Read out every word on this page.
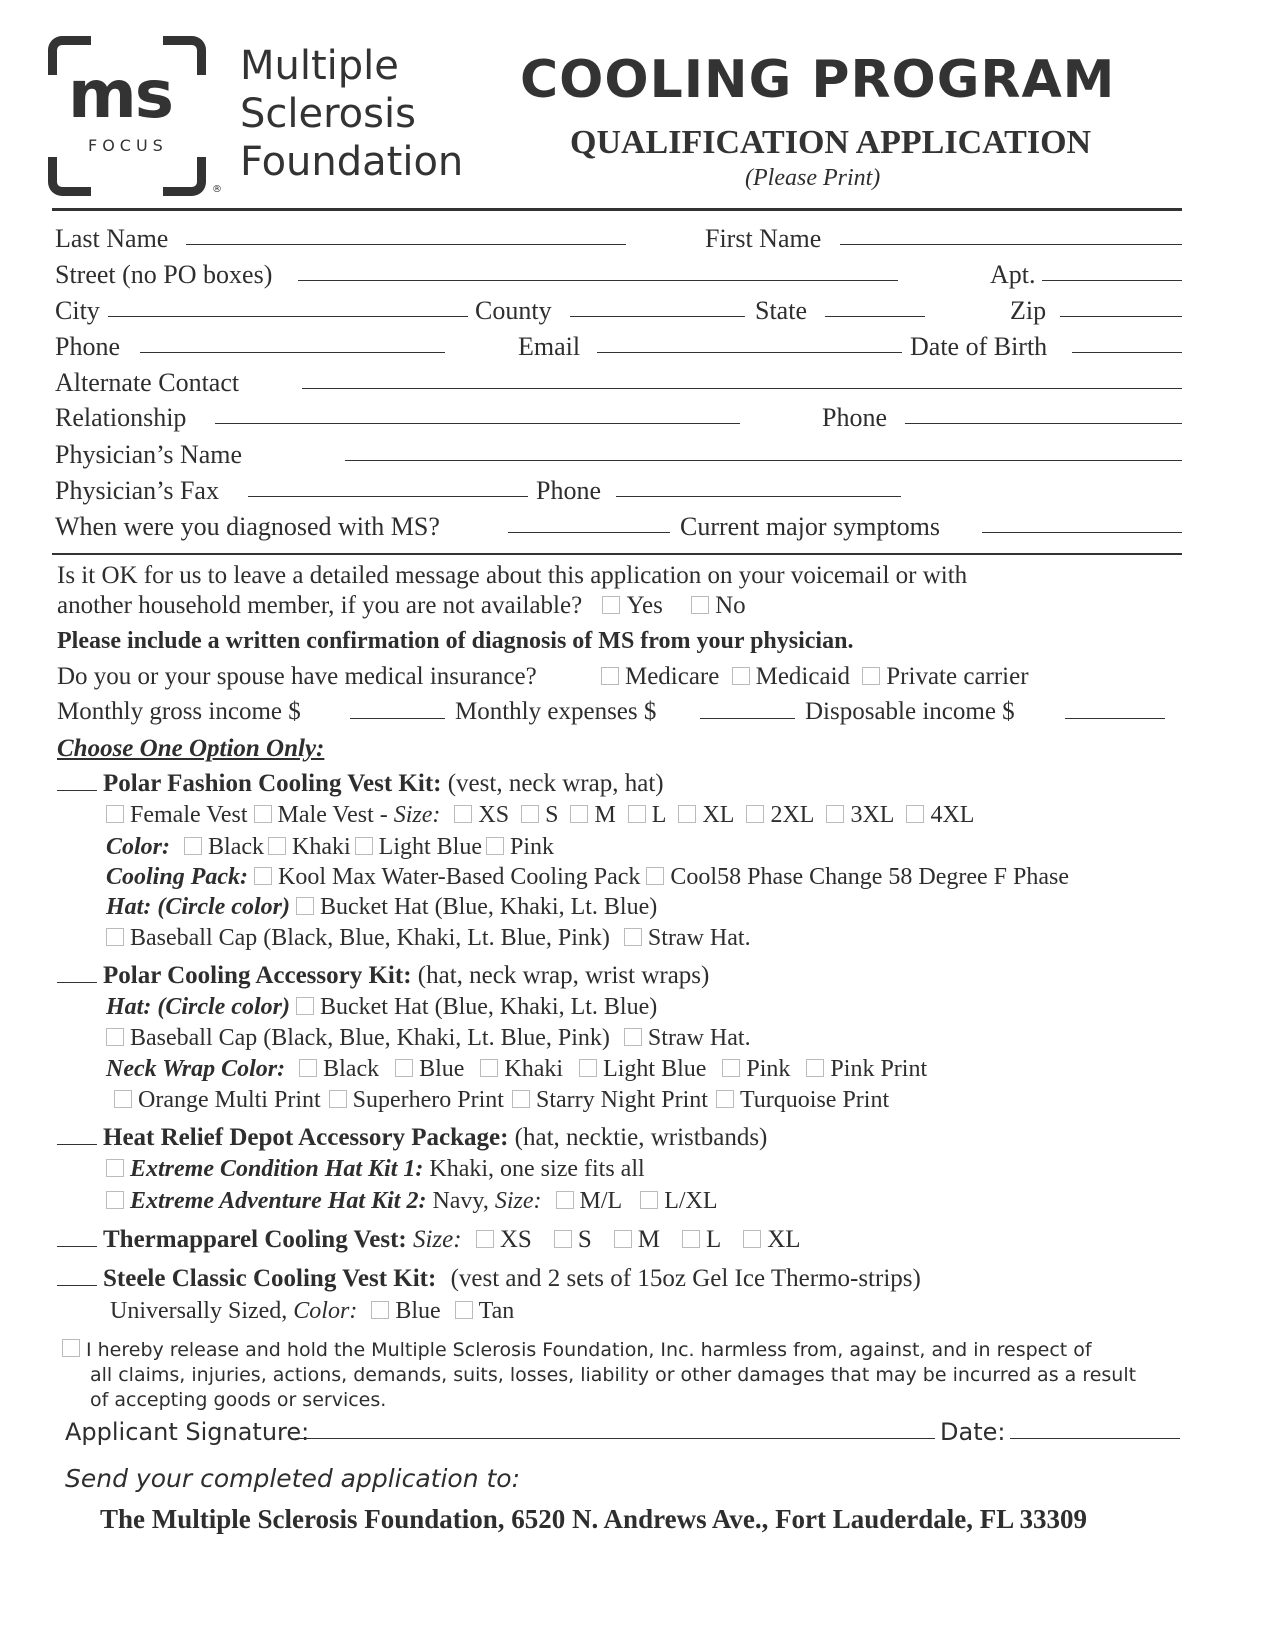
ms
FOCUS
®
Multiple
Sclerosis
Foundation
COOLING PROGRAM
QUALIFICATION APPLICATION
(Please Print)
Last Name	First Name
Street (no PO boxes)	Apt.
City	County	State	Zip
Phone	Email	Date of Birth
Alternate Contact
Relationship	Phone
Physician’s Name
Physician’s Fax	Phone
When were you diagnosed with MS?	Current major symptoms
Is it OK for us to leave a detailed message about this application on your voicemail or with
another household member, if you are not available? Yes No
Please include a written confirmation of diagnosis of MS from your physician.
Do you or your spouse have medical insurance?	Medicare Medicaid Private carrier
Monthly gross income $	Monthly expenses $	Disposable income $
Choose One Option Only:
Polar Fashion Cooling Vest Kit: (vest, neck wrap, hat)
Female Vest Male Vest - Size: XS S M L XL 2XL 3XL 4XL
Color: Black Khaki Light Blue Pink
Cooling Pack: Kool Max Water-Based Cooling Pack Cool58 Phase Change 58 Degree F Phase
Hat: (Circle color) Bucket Hat (Blue, Khaki, Lt. Blue)
Baseball Cap (Black, Blue, Khaki, Lt. Blue, Pink) Straw Hat.
Polar Cooling Accessory Kit: (hat, neck wrap, wrist wraps)
Hat: (Circle color) Bucket Hat (Blue, Khaki, Lt. Blue)
Baseball Cap (Black, Blue, Khaki, Lt. Blue, Pink) Straw Hat.
Neck Wrap Color: Black Blue Khaki Light Blue Pink Pink Print
Orange Multi Print Superhero Print Starry Night Print Turquoise Print
Heat Relief Depot Accessory Package: (hat, necktie, wristbands)
Extreme Condition Hat Kit 1: Khaki, one size fits all
Extreme Adventure Hat Kit 2: Navy, Size: M/L L/XL
Thermapparel Cooling Vest: Size: XS S M L XL
Steele Classic Cooling Vest Kit: (vest and 2 sets of 15oz Gel Ice Thermo-strips)
Universally Sized, Color: Blue Tan
I hereby release and hold the Multiple Sclerosis Foundation, Inc. harmless from, against, and in respect of
all claims, injuries, actions, demands, suits, losses, liability or other damages that may be incurred as a result
of accepting goods or services.
Applicant Signature:	Date:
Send your completed application to:
The Multiple Sclerosis Foundation, 6520 N. Andrews Ave., Fort Lauderdale, FL 33309
